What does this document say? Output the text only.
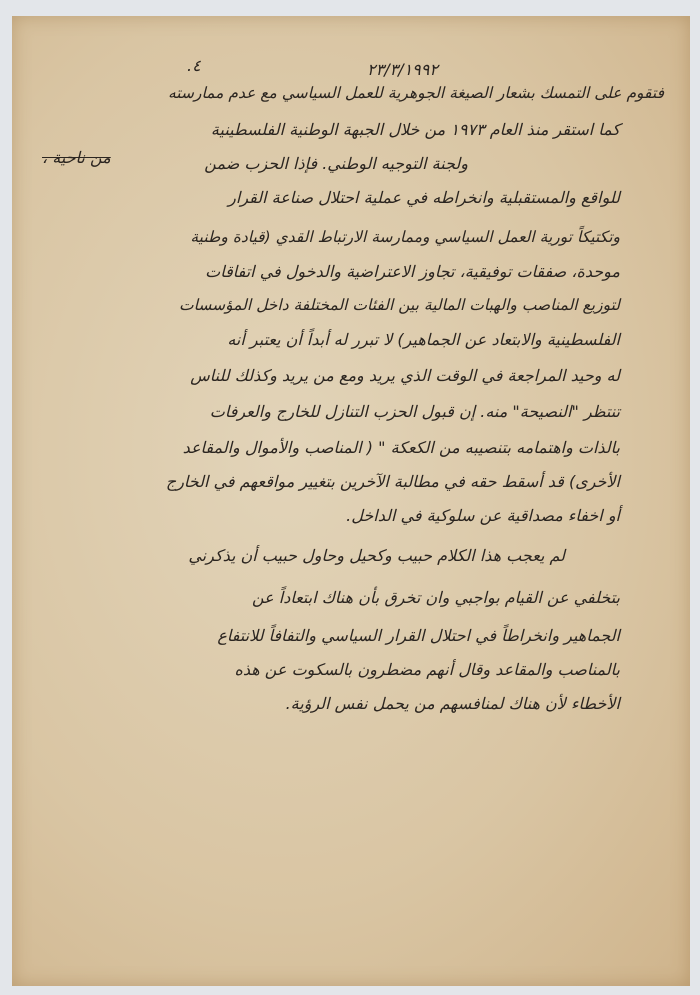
٤.	٢٣/٣/١٩٩٢
فتقوم على التمسك بشعار الصيغة الجوهرية للعمل السياسي مع عدم ممارسته
كما استقر منذ العام ١٩٧٣ من خلال الجبهة الوطنية الفلسطينية
ولجنة التوجيه الوطني. فإذا الحزب ضمن
من ناحية ،
للواقع والمستقبلية وانخراطه في عملية احتلال صناعة القرار
وتكتيكاً تورية العمل السياسي وممارسة الارتباط القدي (قيادة وطنية
موحدة، صفقات توفيقية، تجاوز الاعتراضية والدخول في اتفاقات
لتوزيع المناصب والهبات المالية بين الفئات المختلفة داخل المؤسسات
الفلسطينية والابتعاد عن الجماهير) لا تبرر له أبداً أن يعتبر أنه
له وحيد المراجعة في الوقت الذي يريد ومع من يريد وكذلك للناس
تنتظر "النصيحة" منه. إن قبول الحزب التنازل للخارج والعرفات
بالذات واهتمامه بتنصيبه من الكعكة " ( المناصب والأموال والمقاعد
الأخرى) قد أسقط حقه في مطالبة الآخرين بتغيير مواقعهم في الخارج
أو اخفاء مصداقية عن سلوكية في الداخل.
لم يعجب هذا الكلام حبيب وكحيل وحاول حبيب أن يذكرني
بتخلفي عن القيام بواجبي وان تخرق بأن هناك ابتعاداً عن
الجماهير وانخراطاً في احتلال القرار السياسي والتفافاً للانتفاع
بالمناصب والمقاعد وقال أنهم مضطرون بالسكوت عن هذه
الأخطاء لأن هناك لمنافسهم من يحمل نفس الرؤية.
